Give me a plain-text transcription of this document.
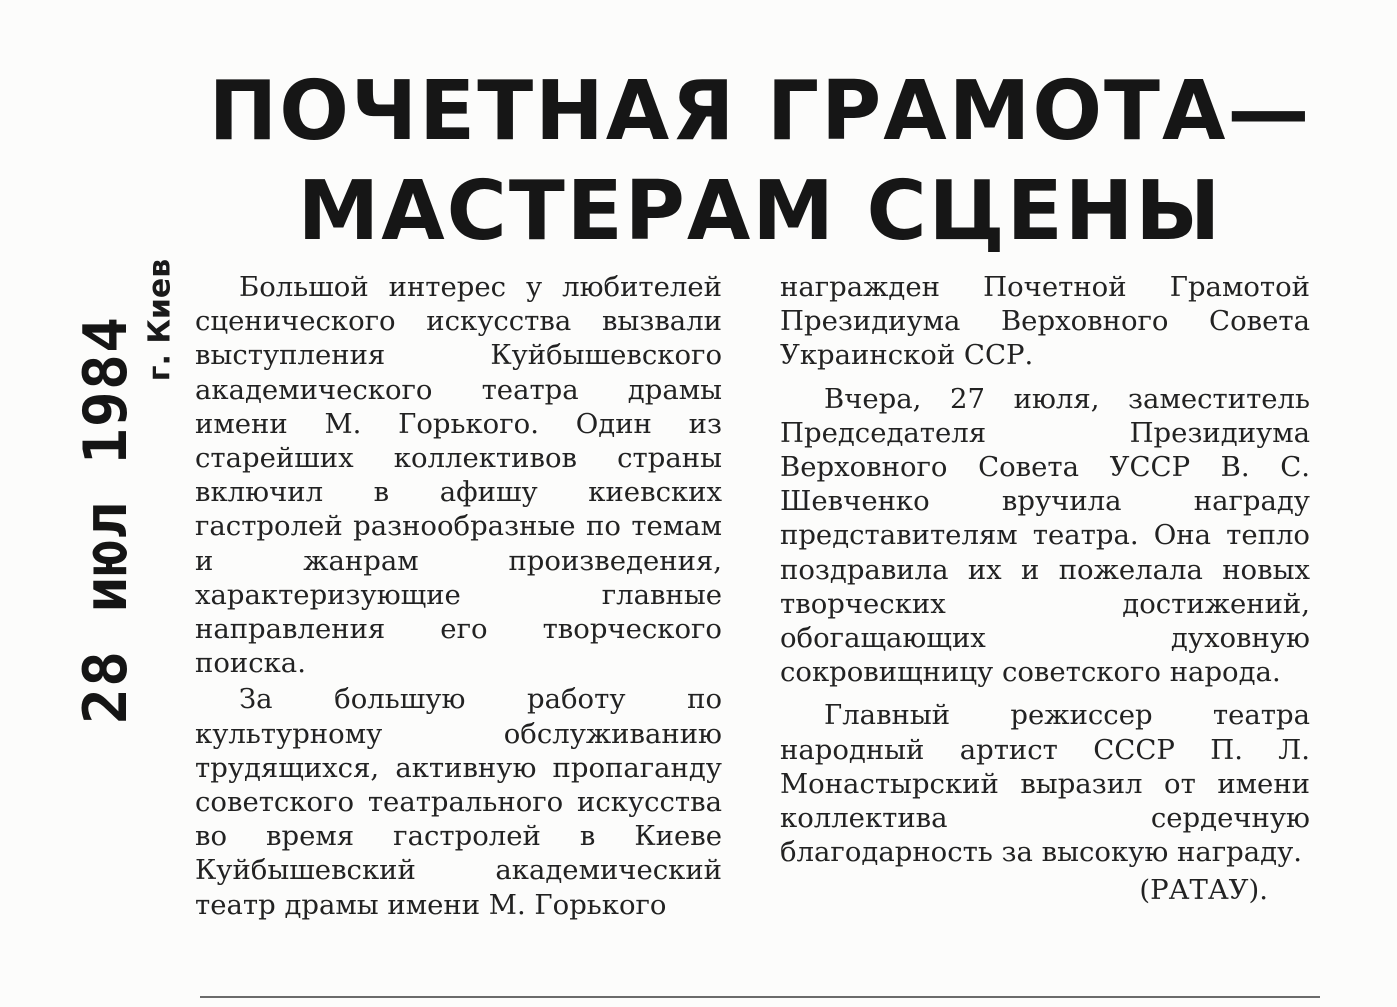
28 июл 1984 г. Киев
ПОЧЕТНАЯ ГРАМОТА—
МАСТЕРАМ СЦЕНЫ

Большой интерес у любителей сценического искусства вызвали выступления Куйбышевского академического театра драмы имени М. Горького. Один из старейших коллективов страны включил в афишу киевских гастролей разнообразные по темам и жанрам произведения, характеризующие главные направления его творческого поиска.

За большую работу по культурному обслуживанию трудящихся, активную пропаганду советского театрального искусства во время гастролей в Киеве Куйбышевский академический театр драмы имени М. Горького

награжден Почетной Грамотой Президиума Верховного Совета Украинской ССР.

Вчера, 27 июля, заместитель Председателя Президиума Верховного Совета УССР В. С. Шевченко вручила награду представителям театра. Она тепло поздравила их и пожелала новых творческих достижений, обогащающих духовную сокровищницу советского народа.

Главный режиссер театра народный артист СССР П. Л. Монастырский выразил от имени коллектива сердечную благодарность за высокую награду.

(РАТАУ).
